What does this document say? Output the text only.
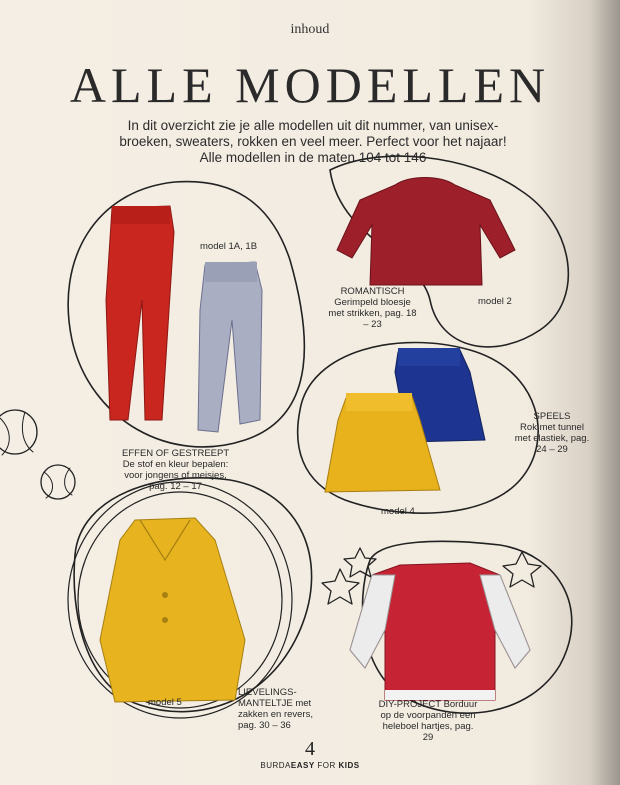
inhoud
ALLE MODELLEN
In dit overzicht zie je alle modellen uit dit nummer, van unisex-broeken, sweaters, rokken en veel meer. Perfect voor het najaar! Alle modellen in de maten 104 tot 146
model 1A, 1B
EFFEN OF GESTREEPT De stof en kleur bepalen: voor jongens of meisjes, pag. 12 – 17
ROMANTISCH Gerimpeld bloesje met strikken, pag. 18 – 23
model 2
SPEELS
Rok met tunnel met elastiek, pag. 24 – 29
model 4
model 5
LIEVELINGS-MANTELTJE met zakken en revers, pag. 30 – 36
DIY-PROJECT Borduur op de voorpanden een heleboel hartjes, pag. 29
4
BURDAEASY FOR KIDS
